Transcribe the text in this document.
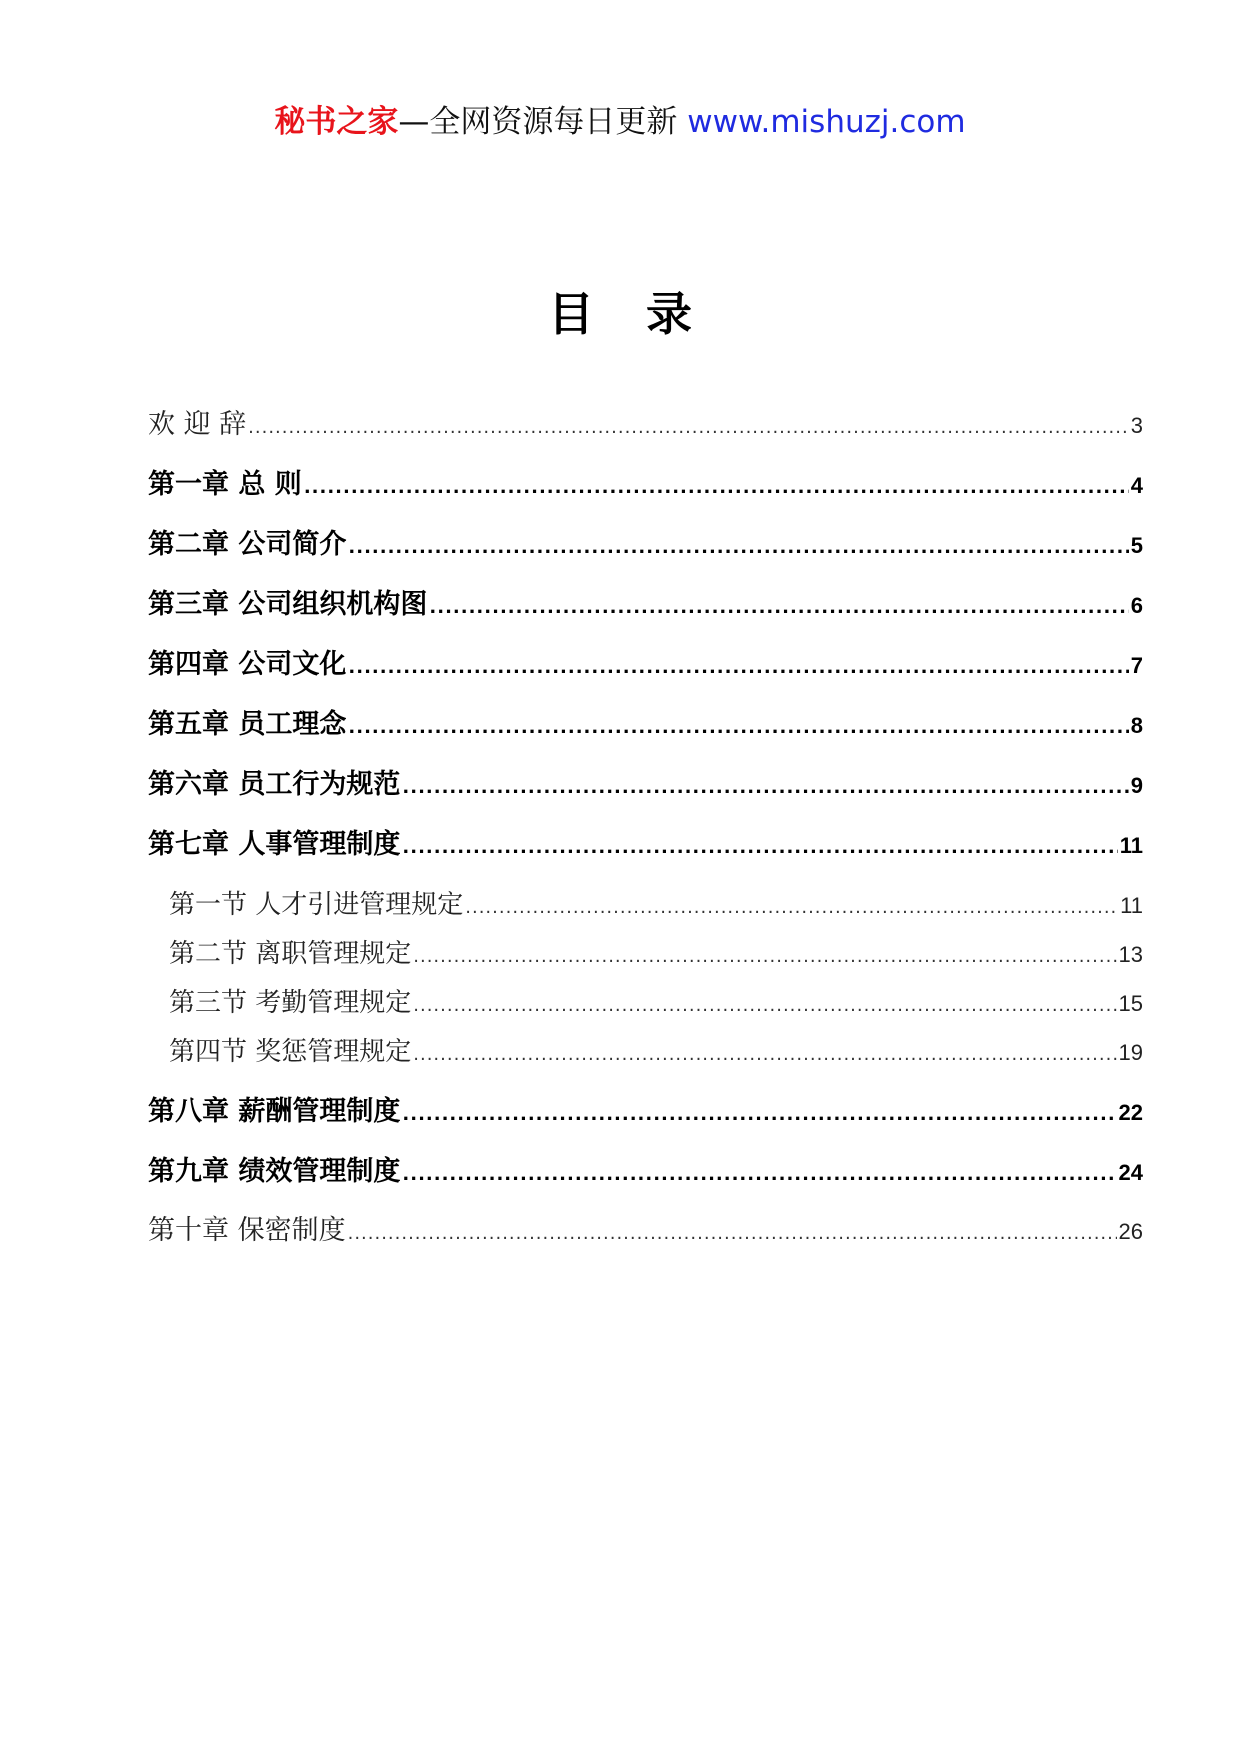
秘书之家—全网资源每日更新 www.mishuzj.com
目录
欢 迎 辞 .....	3
第一章 总 则 .....	4
第二章 公司简介 .....	5
第三章 公司组织机构图 .....	6
第四章 公司文化 .....	7
第五章 员工理念 .....	8
第六章 员工行为规范 .....	9
第七章 人事管理制度 .....	11
第一节 人才引进管理规定 .....	11
第二节 离职管理规定 .....	13
第三节 考勤管理规定 .....	15
第四节 奖惩管理规定 .....	19
第八章 薪酬管理制度 .....	22
第九章 绩效管理制度 .....	24
第十章 保密制度 .....	26
